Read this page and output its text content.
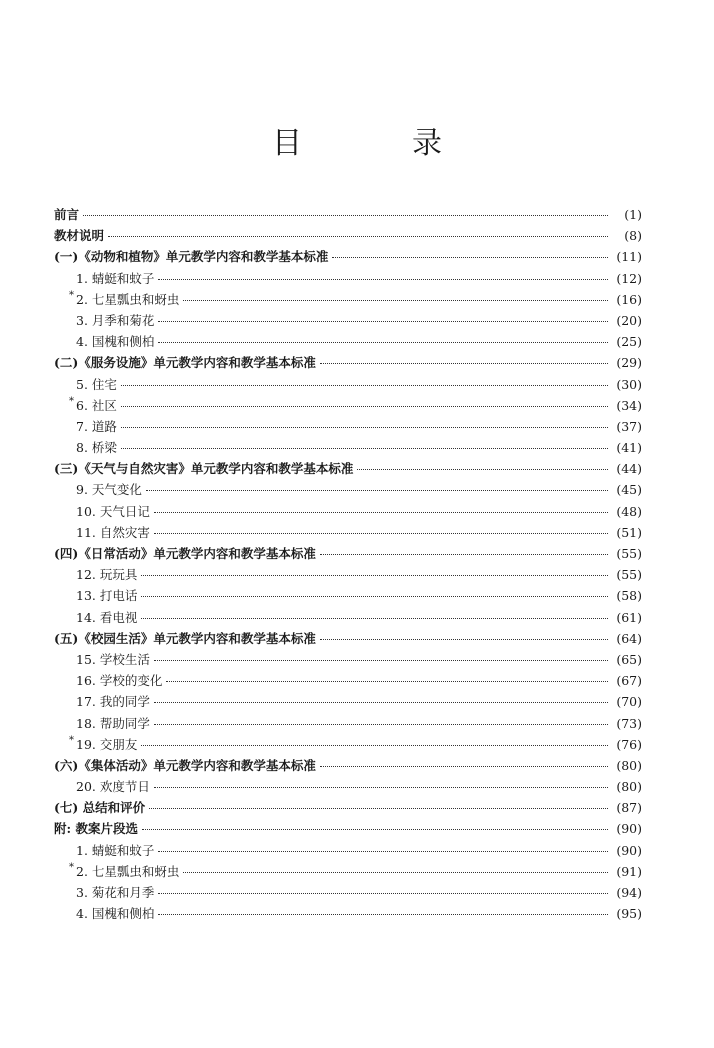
目　录
前言	(1)
教材说明	(8)
(一)《动物和植物》单元教学内容和教学基本标准	(11)
1. 蜻蜓和蚊子	(12)
* 2. 七星瓢虫和蚜虫	(16)
3. 月季和菊花	(20)
4. 国槐和侧柏	(25)
(二)《服务设施》单元教学内容和教学基本标准	(29)
5. 住宅	(30)
* 6. 社区	(34)
7. 道路	(37)
8. 桥梁	(41)
(三)《天气与自然灾害》单元教学内容和教学基本标准	(44)
9. 天气变化	(45)
10. 天气日记	(48)
11. 自然灾害	(51)
(四)《日常活动》单元教学内容和教学基本标准	(55)
12. 玩玩具	(55)
13. 打电话	(58)
14. 看电视	(61)
(五)《校园生活》单元教学内容和教学基本标准	(64)
15. 学校生活	(65)
16. 学校的变化	(67)
17. 我的同学	(70)
18. 帮助同学	(73)
* 19. 交朋友	(76)
(六)《集体活动》单元教学内容和教学基本标准	(80)
20. 欢度节日	(80)
(七) 总结和评价	(87)
附: 教案片段选	(90)
1. 蜻蜓和蚊子	(90)
* 2. 七星瓢虫和蚜虫	(91)
3. 菊花和月季	(94)
4. 国槐和侧柏	(95)
